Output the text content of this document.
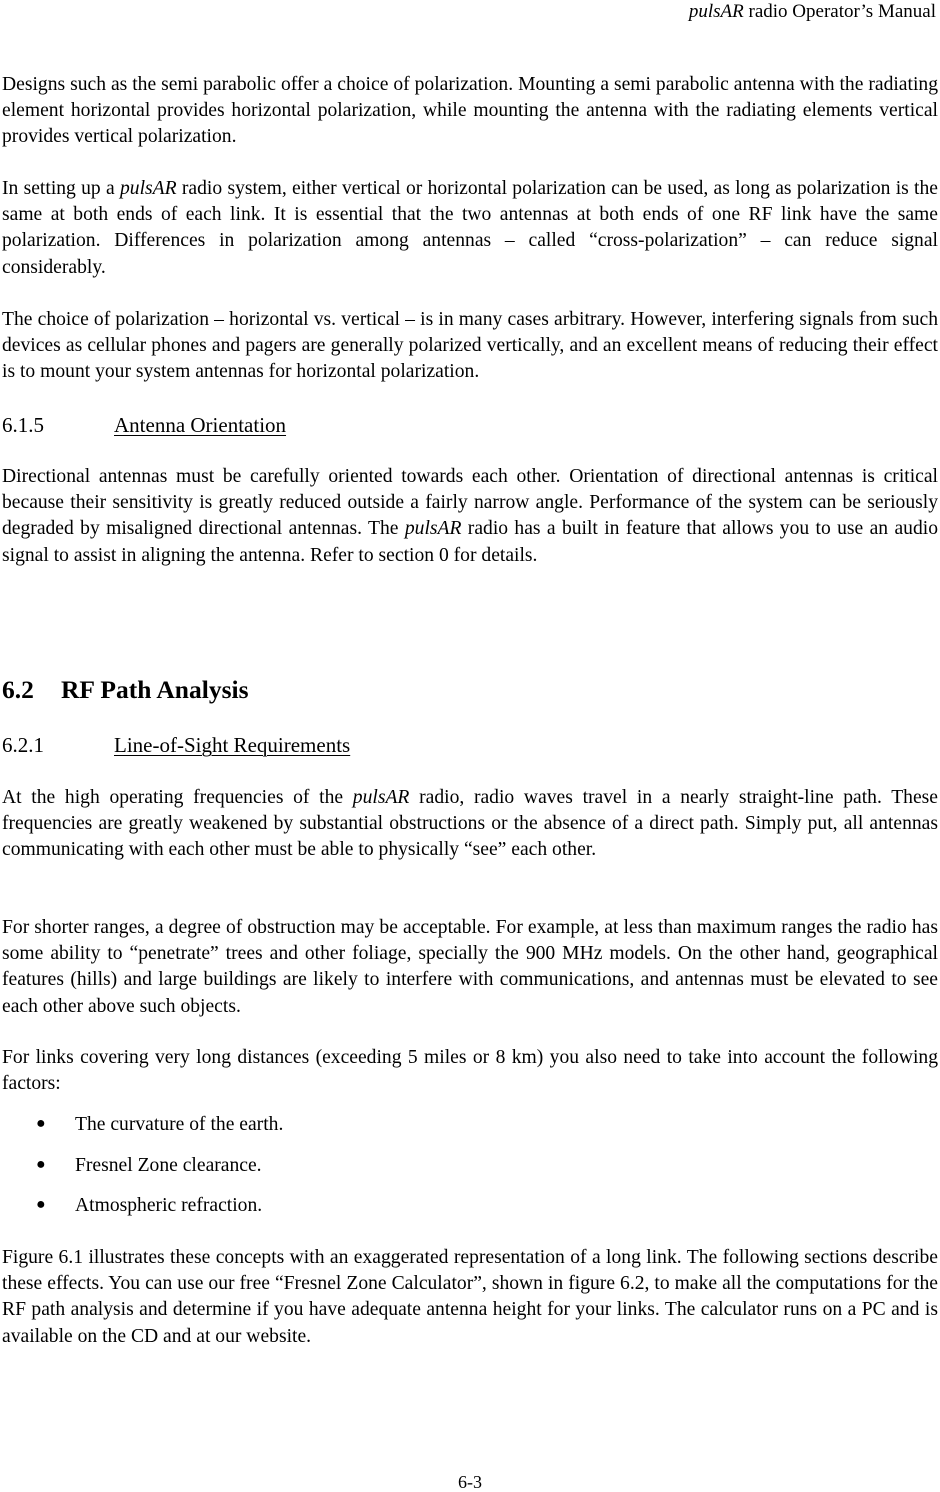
pulsAR radio Operator’s Manual
Designs such as the semi parabolic offer a choice of polarization. Mounting a semi parabolic antenna with the radiating element horizontal provides horizontal polarization, while mounting the antenna with the radiating elements vertical provides vertical polarization.
In setting up a pulsAR radio system, either vertical or horizontal polarization can be used, as long as polarization is the same at both ends of each link. It is essential that the two antennas at both ends of one RF link have the same polarization. Differences in polarization among antennas – called “cross-polarization” – can reduce signal considerably.
The choice of polarization – horizontal vs. vertical – is in many cases arbitrary. However, interfering signals from such devices as cellular phones and pagers are generally polarized vertically, and an excellent means of reducing their effect is to mount your system antennas for horizontal polarization.
6.1.5	Antenna Orientation
Directional antennas must be carefully oriented towards each other. Orientation of directional antennas is critical because their sensitivity is greatly reduced outside a fairly narrow angle. Performance of the system can be seriously degraded by misaligned directional antennas. The pulsAR radio has a built in feature that allows you to use an audio signal to assist in aligning the antenna. Refer to section 0 for details.
6.2 RF Path Analysis
6.2.1	Line-of-Sight Requirements
At the high operating frequencies of the pulsAR radio, radio waves travel in a nearly straight-line path. These frequencies are greatly weakened by substantial obstructions or the absence of a direct path. Simply put, all antennas communicating with each other must be able to physically “see” each other.
For shorter ranges, a degree of obstruction may be acceptable. For example, at less than maximum ranges the radio has some ability to “penetrate” trees and other foliage, specially the 900 MHz models. On the other hand, geographical features (hills) and large buildings are likely to interfere with communications, and antennas must be elevated to see each other above such objects.
For links covering very long distances (exceeding 5 miles or 8 km) you also need to take into account the following factors:
● The curvature of the earth.
● Fresnel Zone clearance.
● Atmospheric refraction.
Figure 6.1 illustrates these concepts with an exaggerated representation of a long link. The following sections describe these effects. You can use our free “Fresnel Zone Calculator”, shown in figure 6.2, to make all the computations for the RF path analysis and determine if you have adequate antenna height for your links. The calculator runs on a PC and is available on the CD and at our website.
6-3
